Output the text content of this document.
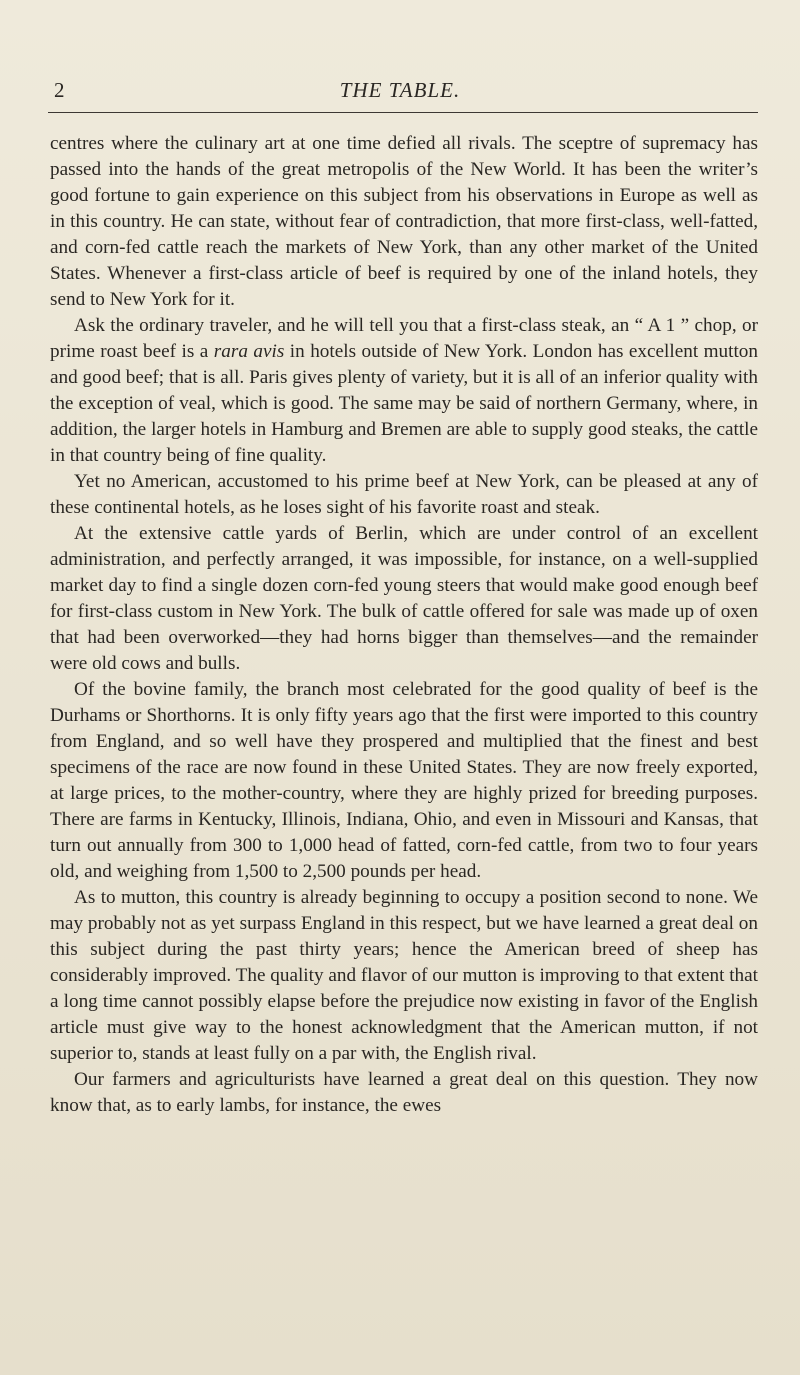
2	THE TABLE.

centres where the culinary art at one time defied all rivals. The sceptre of supremacy has passed into the hands of the great metropolis of the New World. It has been the writer’s good fortune to gain experience on this subject from his observations in Europe as well as in this country. He can state, without fear of contradiction, that more first-class, well-fatted, and corn-fed cattle reach the markets of New York, than any other market of the United States. Whenever a first-class article of beef is required by one of the inland hotels, they send to New York for it.

Ask the ordinary traveler, and he will tell you that a first-class steak, an “ A 1 ” chop, or prime roast beef is a rara avis in hotels outside of New York. London has excellent mutton and good beef; that is all. Paris gives plenty of variety, but it is all of an inferior quality with the exception of veal, which is good. The same may be said of northern Germany, where, in addition, the larger hotels in Hamburg and Bremen are able to supply good steaks, the cattle in that country being of fine quality.

Yet no American, accustomed to his prime beef at New York, can be pleased at any of these continental hotels, as he loses sight of his favorite roast and steak.

At the extensive cattle yards of Berlin, which are under control of an excellent administration, and perfectly arranged, it was impossible, for instance, on a well-supplied market day to find a single dozen corn-fed young steers that would make good enough beef for first-class custom in New York. The bulk of cattle offered for sale was made up of oxen that had been overworked—they had horns bigger than themselves—and the remainder were old cows and bulls.

Of the bovine family, the branch most celebrated for the good quality of beef is the Durhams or Shorthorns. It is only fifty years ago that the first were imported to this country from England, and so well have they prospered and multiplied that the finest and best specimens of the race are now found in these United States. They are now freely exported, at large prices, to the mother-country, where they are highly prized for breeding purposes. There are farms in Kentucky, Illinois, Indiana, Ohio, and even in Missouri and Kansas, that turn out annually from 300 to 1,000 head of fatted, corn-fed cattle, from two to four years old, and weighing from 1,500 to 2,500 pounds per head.

As to mutton, this country is already beginning to occupy a position second to none. We may probably not as yet surpass England in this respect, but we have learned a great deal on this subject during the past thirty years; hence the American breed of sheep has considerably improved. The quality and flavor of our mutton is improving to that extent that a long time cannot possibly elapse before the prejudice now existing in favor of the English article must give way to the honest acknowledgment that the American mutton, if not superior to, stands at least fully on a par with, the English rival.

Our farmers and agriculturists have learned a great deal on this question. They now know that, as to early lambs, for instance, the ewes
